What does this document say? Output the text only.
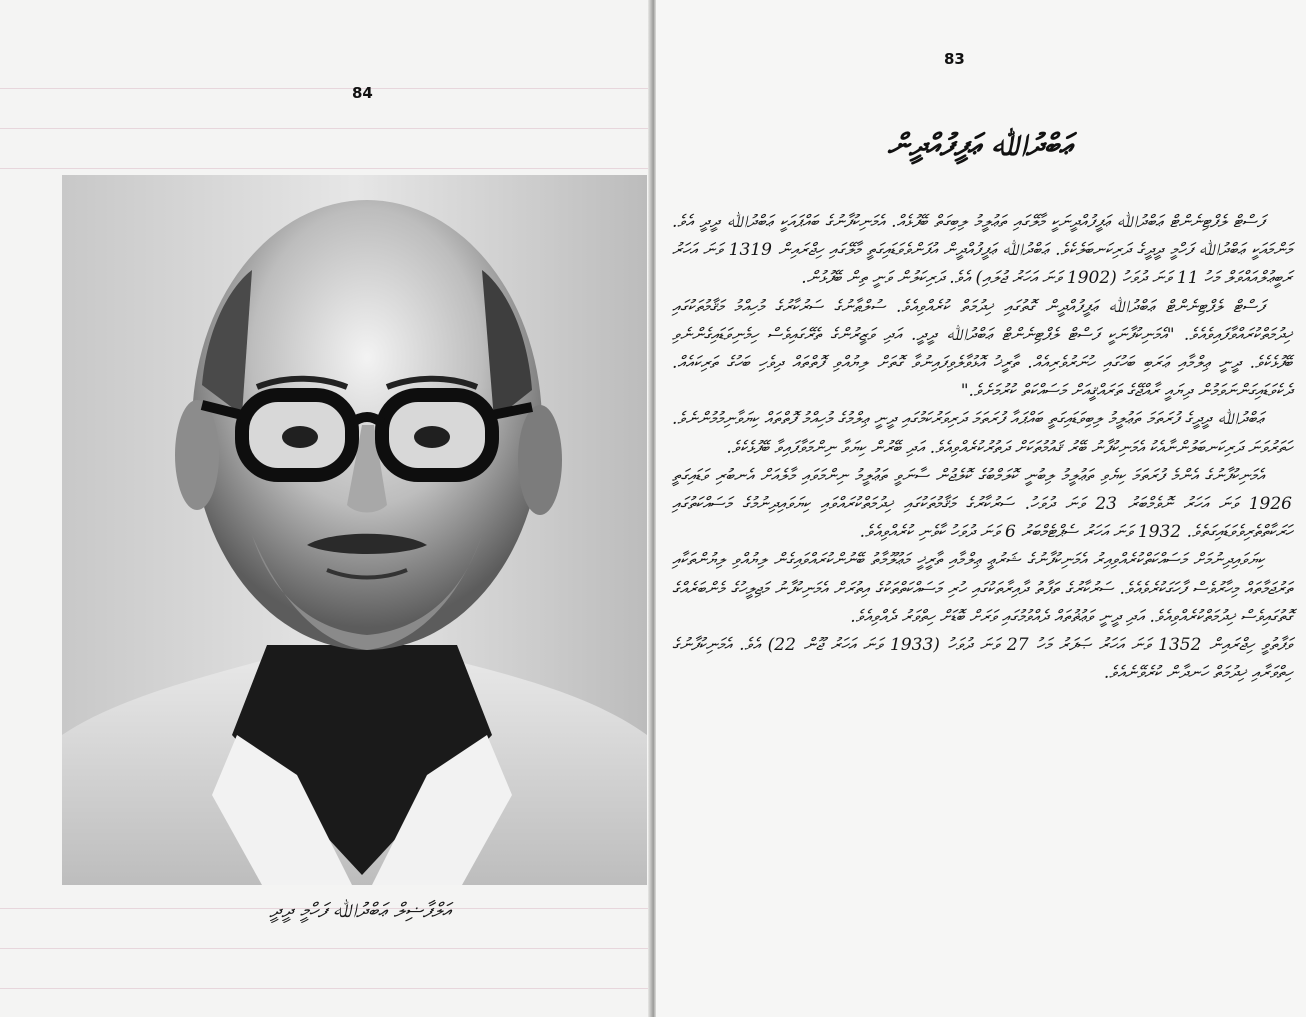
84
އަލްފާޟިލް ޢަބްދުﷲ ފަހްމީ ދީދީ
83
ޢަބްދުﷲ ޢަފީފުއްދީން

ފަސްޓް ލެފްޓިނެންޓް ޢަބްދުﷲ ޢަފީފުއްދީނަކީ މާލޭގައި ތަޢުލީމު ލިބިގަތް ބޭފުޅެއް. އެމަނިކުފާނުގެ ބައްޕައަކީ ޢަބްދުﷲ ދީދީ އެވެ. މަންމައަކީ ޢަބްދުﷲ ފަހްމީ ދީދީގެ ދަރިކަނބަލެކެވެ. ޢަބްދުﷲ ޢަފީފުއްދީން އުފަންވެވަޑައިގަތީ މާލޭގައި ހިޖްރައިން 1319 ވަނަ އަހަރު ރަބީޢުލްއައްވަލް މަހު 11 ވަނަ ދުވަހު (1902 ވަނަ އަހަރު ޖުލައި) އެވެ. ދަރިކަލުން ވަނީ ތިން ބޭފުޅުން.

ފަސްޓް ލެފްޓިނެންޓް ޢަބްދުﷲ ޢަފީފުއްދީން ގޮތުގައި ޚިދުމަތް ކުރެއްވިއެވެ. ސުލްޠާނުގެ ސަރުކާރުގެ މުހިއްމު މަޤާމުތަކުގައި ޚިދުމަތްކުރައްވާފައިވެއެވެ. "އެމަނިކުފާނަކީ ފަސްޓް ލެފްޓިނެންޓް ޢަބްދުﷲ ދީދީ. އަދި ވަޒީރުންގެ ތެރޭގައިވެސް ހިމެނިވަޑައިގެންނެވި ބޭފުޅެކެވެ. ދީނީ ޢިލްމާއި ޢަރަބި ބަހުގައި ހުނަރުވެރިއެއް. ތާރީޚު އޮޅުވާލެވިފައިނުވާ ގޮތަށް ލިޔުއްވި ފޮތްތައް ދިވެހި ބަހުގެ ތަރިކައެއް. ދެކެވަޑައިގަންނަވަމުން ދިޔައީ ރާއްޖޭގެ ތަރައްޤީއަށް މަސައްކަތް ކުރުމަށެވެ."

ޢަބްދުﷲ ދީދީގެ ފުރަތަމަ ތަޢުލީމު ލިބިވަޑައިގަތީ ބައްޕައާ ފުރަތަމަ ދަރިވަރުކަމުގައި ދީނީ ޢިލްމުގެ މުހިއްމު ފޮތްތައް ކިޔަވާނިމުމުންނެވެ. ހަތަރުވަނަ ދަރިކަނބަލުންނާއެކު އެމަނިކުފާނު ބޭރު ޤައުމުތަކަށް ދަތުރުކުރެއްވިއެވެ. އަދި ބޭރުން ކިޔަވާ ނިންމަވާފައިވާ ބޭފުޅެކެވެ.

އެމަނިކުފާނުގެ އެންމެ ފުރަތަމަ ކިޔެވި ތަޢުލީމު ލިބުނީ ކޮލަމްބުގެ ކޮލެޖުން ސާނަވީ ތަޢުލީމު ނިންމަވައި މާލެއަށް އެނބުރި ވަޑައިގަތީ 1926 ވަނަ އަހަރު ނޮވެމްބަރު 23 ވަނަ ދުވަހު. ސަރުކާރުގެ މަޤާމުތަކުގައި ޚިދުމަތްކުރައްވައި ކިޔަވައިދިނުމުގެ މަސައްކަތުގައި ހަރަކާތްތެރިވެވަޑައިގަތެވެ. 1932 ވަނަ އަހަރު ސެޕްޓެމްބަރު 6 ވަނަ ދުވަހު ކާވެނި ކުރެއްވިއެވެ.

ކިޔަވައިދިނުމަށް މަސައްކަތްކުރެއްވިއިރު އެމަނިކުފާނުގެ ޝަރުޢީ ޢިލްމާއި ތާރީޚީ މަޢުލޫމާތު ބޭނުންކުރައްވައިގެން ލިޔުއްވި ލިޔުންތަކާއި ތަރުޖަމާތައް މިހާރުވެސް ފާހަގަކުރެވެއެވެ. ސަރުކާރުގެ ތަފާތު ދާއިރާތަކުގައި ހުރި މަސައްކަތްތަކުގެ އިތުރަށް އެމަނިކުފާނު މަޖިލީހުގެ މެންބަރެއްގެ ގޮތުގައިވެސް ޚިދުމަތްކުރެއްވިއެވެ. އަދި ދީނީ ވަޢުޡުތައް ދެއްވުމުގައި ވަރަށް ބޮޑަށް ހިތްވަރު ދެއްވިއެވެ.

ވަފާތުވީ ހިޖްރައިން 1352 ވަނަ އަހަރު ޞަފަރު މަހު 27 ވަނަ ދުވަހު (1933 ވަނަ އަހަރު ޖޫން 22) އެވެ. އެމަނިކުފާނުގެ ހިތްވަރާއި ޚިދުމަތް ހަނދާން ކުރެވޭނެއެވެ.
